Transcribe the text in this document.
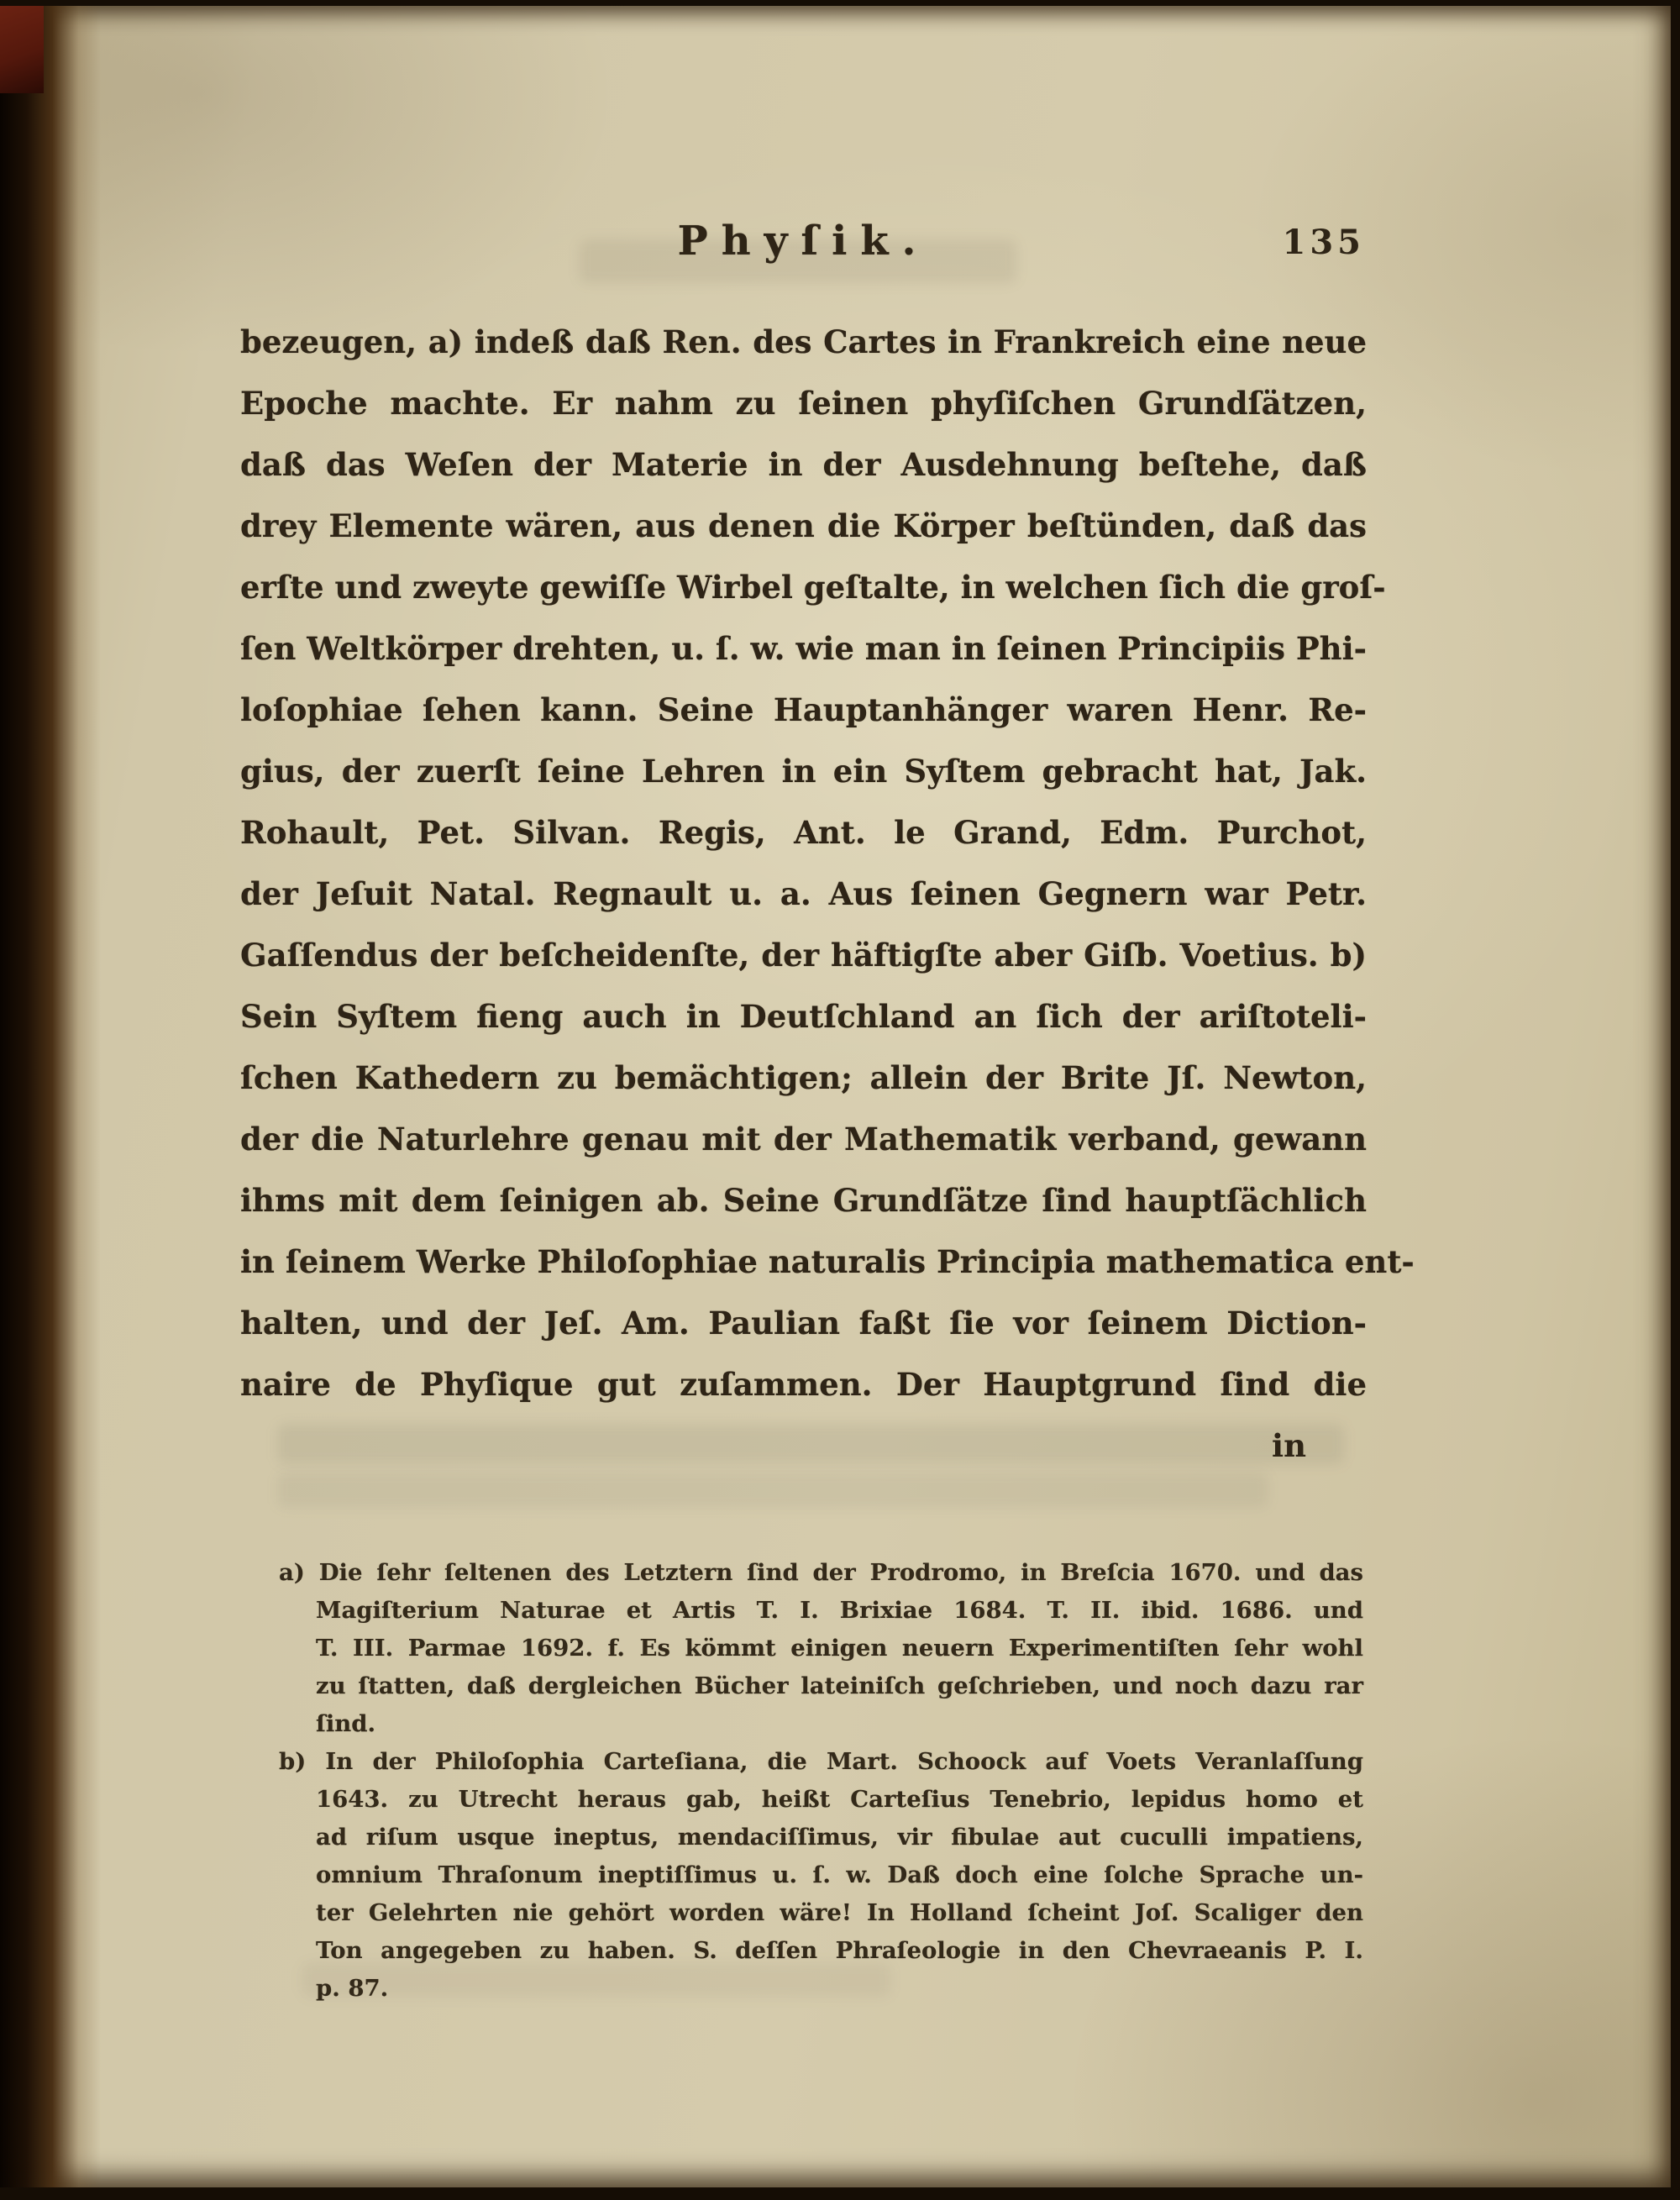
Phyſik.	135
bezeugen, a) indeß daß Ren. des Cartes in Frankreich eine neue
Epoche machte. Er nahm zu ſeinen phyſiſchen Grundſätzen,
daß das Weſen der Materie in der Ausdehnung beſtehe, daß
drey Elemente wären, aus denen die Körper beſtünden, daß das
erſte und zweyte gewiſſe Wirbel geſtalte, in welchen ſich die groſ-
ſen Weltkörper drehten, u. ſ. w. wie man in ſeinen Principiis Phi-
loſophiae ſehen kann. Seine Hauptanhänger waren Henr. Re-
gius, der zuerſt ſeine Lehren in ein Syſtem gebracht hat, Jak.
Rohault, Pet. Silvan. Regis, Ant. le Grand, Edm. Purchot,
der Jeſuit Natal. Regnault u. a. Aus ſeinen Gegnern war Petr.
Gaſſendus der beſcheidenſte, der häftigſte aber Giſb. Voetius. b)
Sein Syſtem fieng auch in Deutſchland an ſich der ariſtoteli-
ſchen Kathedern zu bemächtigen; allein der Brite Jſ. Newton,
der die Naturlehre genau mit der Mathematik verband, gewann
ihms mit dem ſeinigen ab. Seine Grundſätze ſind hauptſächlich
in ſeinem Werke Philoſophiae naturalis Principia mathematica ent-
halten, und der Jeſ. Am. Paulian faßt ſie vor ſeinem Diction-
naire de Phyſique gut zuſammen. Der Hauptgrund ſind die
in
a) Die ſehr ſeltenen des Letztern ſind der Prodromo, in Breſcia 1670. und das
Magiſterium Naturae et Artis T. I. Brixiae 1684. T. II. ibid. 1686. und
T. III. Parmae 1692. f. Es kömmt einigen neuern Experimentiſten ſehr wohl
zu ſtatten, daß dergleichen Bücher lateiniſch geſchrieben, und noch dazu rar ſind.
b) In der Philoſophia Carteſiana, die Mart. Schoock auf Voets Veranlaſſung
1643. zu Utrecht heraus gab, heißt Carteſius Tenebrio, lepidus homo et
ad riſum usque ineptus, mendaciſſimus, vir fibulae aut cuculli impatiens,
omnium Thraſonum ineptiſſimus u. ſ. w. Daß doch eine ſolche Sprache un-
ter Gelehrten nie gehört worden wäre! In Holland ſcheint Joſ. Scaliger den
Ton angegeben zu haben. S. deſſen Phraſeologie in den Chevraeanis P. I.
p. 87.
